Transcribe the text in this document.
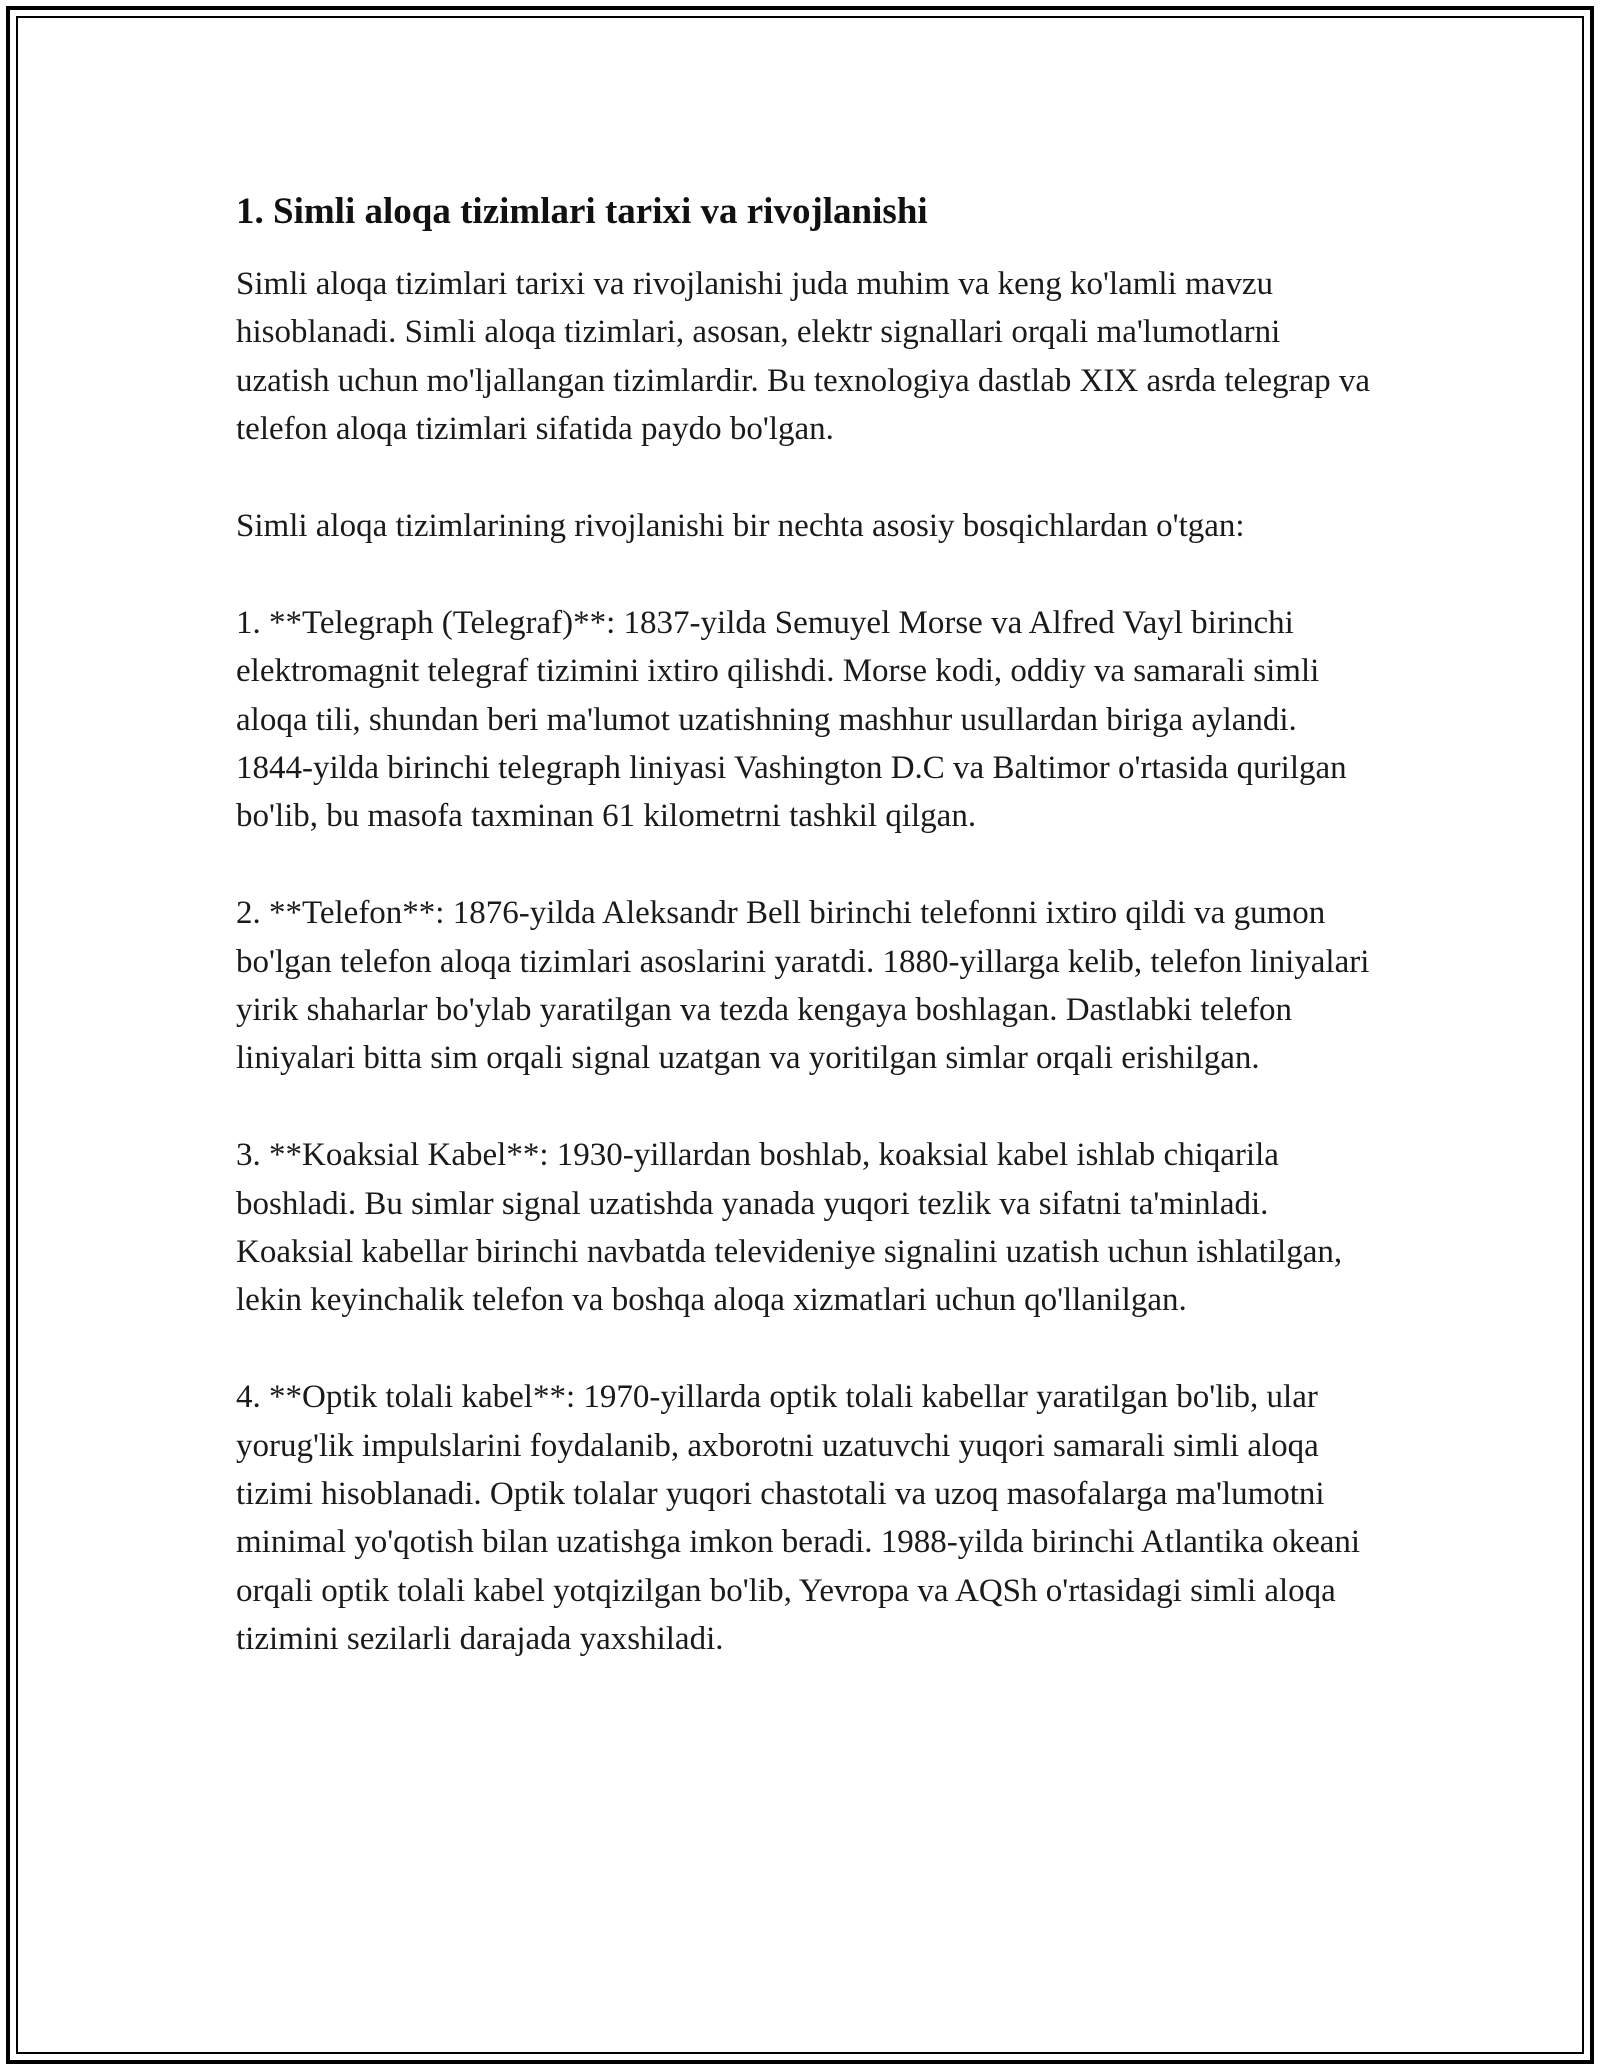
1. Simli aloqa tizimlari tarixi va rivojlanishi

Simli aloqa tizimlari tarixi va rivojlanishi juda muhim va keng ko'lamli mavzu hisoblanadi. Simli aloqa tizimlari, asosan, elektr signallari orqali ma'lumotlarni uzatish uchun mo'ljallangan tizimlardir. Bu texnologiya dastlab XIX asrda telegrap va telefon aloqa tizimlari sifatida paydo bo'lgan.

Simli aloqa tizimlarining rivojlanishi bir nechta asosiy bosqichlardan o'tgan:

1. **Telegraph (Telegraf)**: 1837-yilda Semuyel Morse va Alfred Vayl birinchi elektromagnit telegraf tizimini ixtiro qilishdi. Morse kodi, oddiy va samarali simli aloqa tili, shundan beri ma'lumot uzatishning mashhur usullardan biriga aylandi. 1844-yilda birinchi telegraph liniyasi Vashington D.C va Baltimor o'rtasida qurilgan bo'lib, bu masofa taxminan 61 kilometrni tashkil qilgan.

2. **Telefon**: 1876-yilda Aleksandr Bell birinchi telefonni ixtiro qildi va gumon bo'lgan telefon aloqa tizimlari asoslarini yaratdi. 1880-yillarga kelib, telefon liniyalari yirik shaharlar bo'ylab yaratilgan va tezda kengaya boshlagan. Dastlabki telefon liniyalari bitta sim orqali signal uzatgan va yoritilgan simlar orqali erishilgan.

3. **Koaksial Kabel**: 1930-yillardan boshlab, koaksial kabel ishlab chiqarila boshladi. Bu simlar signal uzatishda yanada yuqori tezlik va sifatni ta'minladi. Koaksial kabellar birinchi navbatda televideniye signalini uzatish uchun ishlatilgan, lekin keyinchalik telefon va boshqa aloqa xizmatlari uchun qo'llanilgan.

4. **Optik tolali kabel**: 1970-yillarda optik tolali kabellar yaratilgan bo'lib, ular yorug'lik impulslarini foydalanib, axborotni uzatuvchi yuqori samarali simli aloqa tizimi hisoblanadi. Optik tolalar yuqori chastotali va uzoq masofalarga ma'lumotni minimal yo'qotish bilan uzatishga imkon beradi. 1988-yilda birinchi Atlantika okeani orqali optik tolali kabel yotqizilgan bo'lib, Yevropa va AQSh o'rtasidagi simli aloqa tizimini sezilarli darajada yaxshiladi.
